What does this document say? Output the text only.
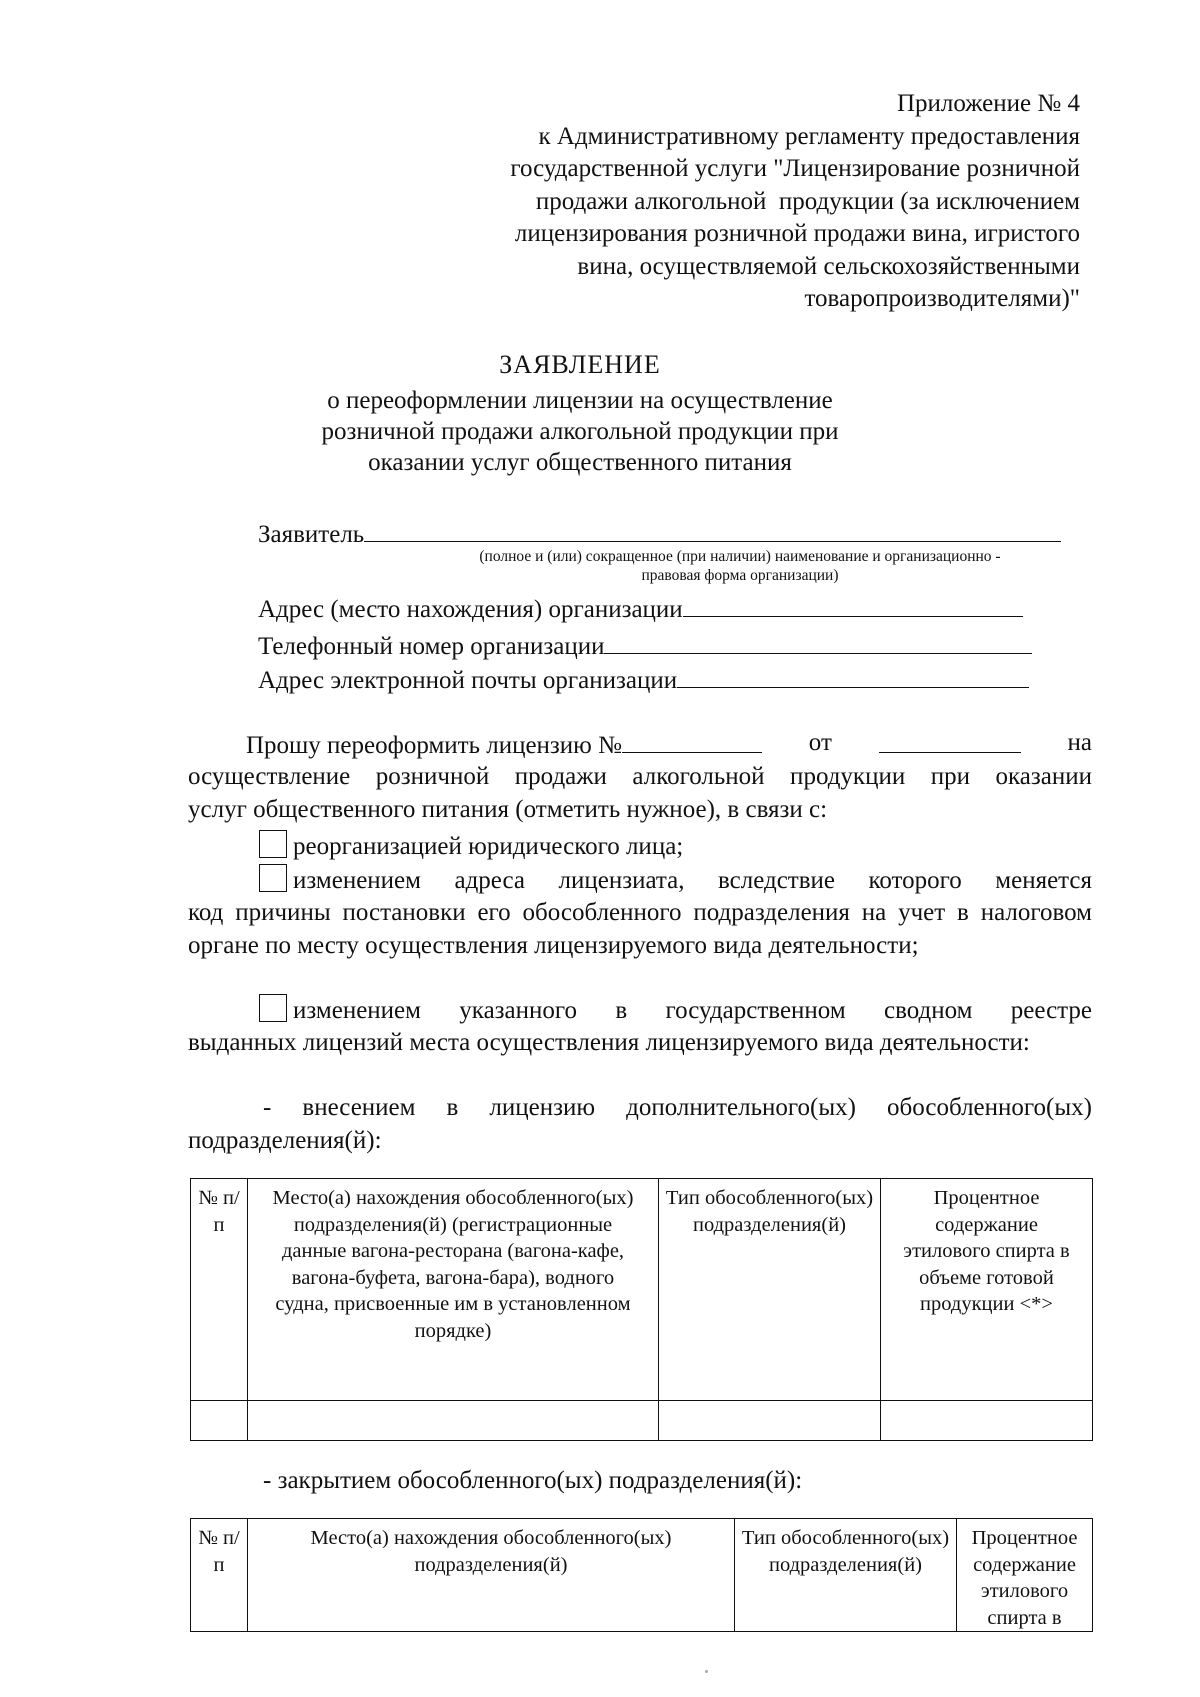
Приложение № 4
к Административному регламенту предоставления
государственной услуги "Лицензирование розничной
продажи алкогольной  продукции (за исключением
лицензирования розничной продажи вина, игристого
вина, осуществляемой сельскохозяйственными
товаропроизводителями)"
ЗАЯВЛЕНИЕ
о переоформлении лицензии на осуществление
розничной продажи алкогольной продукции при
оказании услуг общественного питания
Заявитель
(полное и (или) сокращенное (при наличии) наименование и организационно -
правовая форма организации)
Адрес (место нахождения) организации
Телефонный номер организации
Адрес электронной почты организации
Прошу переоформить лицензию №	от	на
осуществление розничной продажи алкогольной продукции при оказании
услуг общественного питания (отметить нужное), в связи с:
реорганизацией юридического лица;
изменением адреса лицензиата, вследствие которого меняется
код причины постановки его обособленного подразделения на учет в налоговом органе по месту осуществления лицензируемого вида деятельности;
изменением указанного в государственном сводном реестре
выданных лицензий места осуществления лицензируемого вида деятельности:
- внесением в лицензию дополнительного(ых) обособленного(ых)
подразделения(й):
№ п/п	Место(а) нахождения обособленного(ых) подразделения(й) (регистрационные данные вагона-ресторана (вагона-кафе, вагона-буфета, вагона-бара), водного судна, присвоенные им в установленном порядке)	Тип обособленного(ых) подразделения(й)	Процентное содержание этилового спирта в объеме готовой продукции <*>

- закрытием обособленного(ых) подразделения(й):
№ п/п	Место(а) нахождения обособленного(ых) подразделения(й)	Тип обособленного(ых) подразделения(й)	Процентное содержание этилового спирта в
